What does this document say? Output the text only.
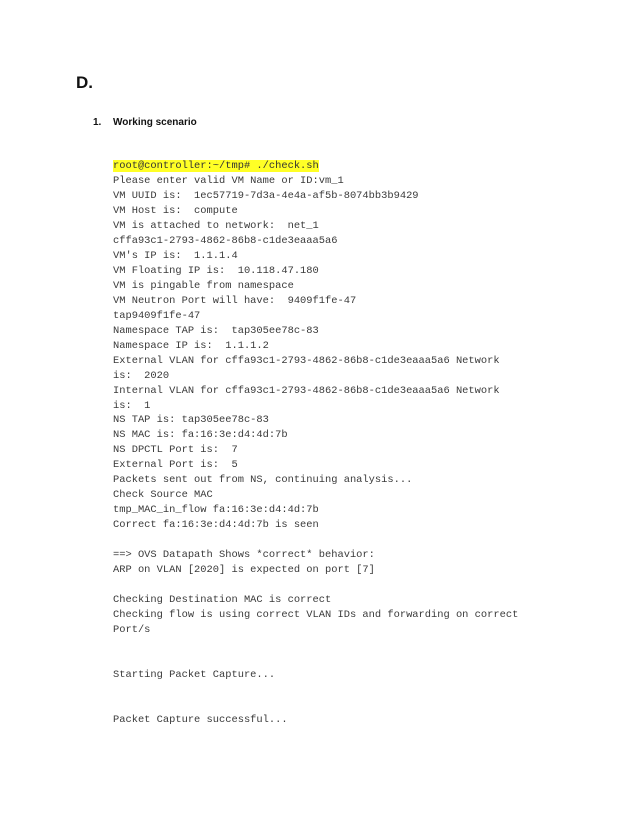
D.
1. Working scenario
root@controller:~/tmp# ./check.sh
Please enter valid VM Name or ID:vm_1
VM UUID is:  1ec57719-7d3a-4e4a-af5b-8074bb3b9429
VM Host is:  compute
VM is attached to network:  net_1
cffa93c1-2793-4862-86b8-c1de3eaaa5a6
VM's IP is:  1.1.1.4
VM Floating IP is:  10.118.47.180
VM is pingable from namespace
VM Neutron Port will have:  9409f1fe-47
tap9409f1fe-47
Namespace TAP is:  tap305ee78c-83
Namespace IP is:  1.1.1.2
External VLAN for cffa93c1-2793-4862-86b8-c1de3eaaa5a6 Network
is:  2020
Internal VLAN for cffa93c1-2793-4862-86b8-c1de3eaaa5a6 Network
is:  1
NS TAP is: tap305ee78c-83
NS MAC is: fa:16:3e:d4:4d:7b
NS DPCTL Port is:  7
External Port is:  5
Packets sent out from NS, continuing analysis...
Check Source MAC
tmp_MAC_in_flow fa:16:3e:d4:4d:7b
Correct fa:16:3e:d4:4d:7b is seen
==> OVS Datapath Shows *correct* behavior:
ARP on VLAN [2020] is expected on port [7]
Checking Destination MAC is correct
Checking flow is using correct VLAN IDs and forwarding on correct
Port/s
Starting Packet Capture...
Packet Capture successful...
